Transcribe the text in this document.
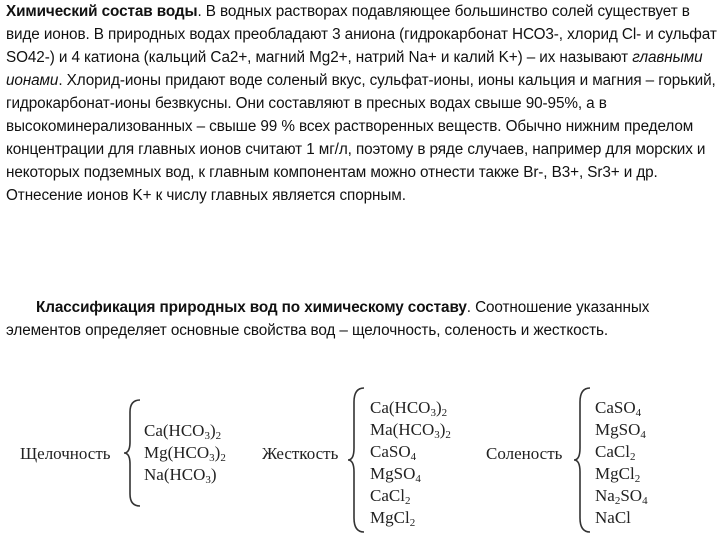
Химический состав воды. В водных растворах подавляющее большинство солей существует в виде ионов. В природных водах преобладают 3 аниона (гидрокарбонат НСО3-, хлорид Cl- и сульфат SO42-) и 4 катиона (кальций Са2+, магний Mg2+, натрий Na+ и калий K+) – их называют главными ионами. Хлорид-ионы придают воде соленый вкус, сульфат-ионы, ионы кальция и магния – горький, гидрокарбонат-ионы безвкусны. Они составляют в пресных водах свыше 90-95%, а в высокоминерализованных – свыше 99 % всех растворенных веществ. Обычно нижним пределом концентрации для главных ионов считают 1 мг/л, поэтому в ряде случаев, например для морских и некоторых подземных вод, к главным компонентам можно отнести также Br-, B3+, Sr3+ и др. Отнесение ионов K+ к числу главных является спорным.
Классификация природных вод по химическому составу. Соотношение указанных элементов определяет основные свойства вод – щелочность, соленость и жесткость.
Щелочность
$Ca(HCO_3)_2$
$Mg(HCO_3)_2$
$Na(HCO_3)$
Жесткость
$Ca(HCO_3)_2$
$Ma(HCO_3)_2$
CaSO$_4$
MgSO$_4$
CaCl$_2$
MgCl$_2$
Соленость
CaSO$_4$
MgSO$_4$
CaCl$_2$
MgCl$_2$
$Na_2SO_4$
NaCl
